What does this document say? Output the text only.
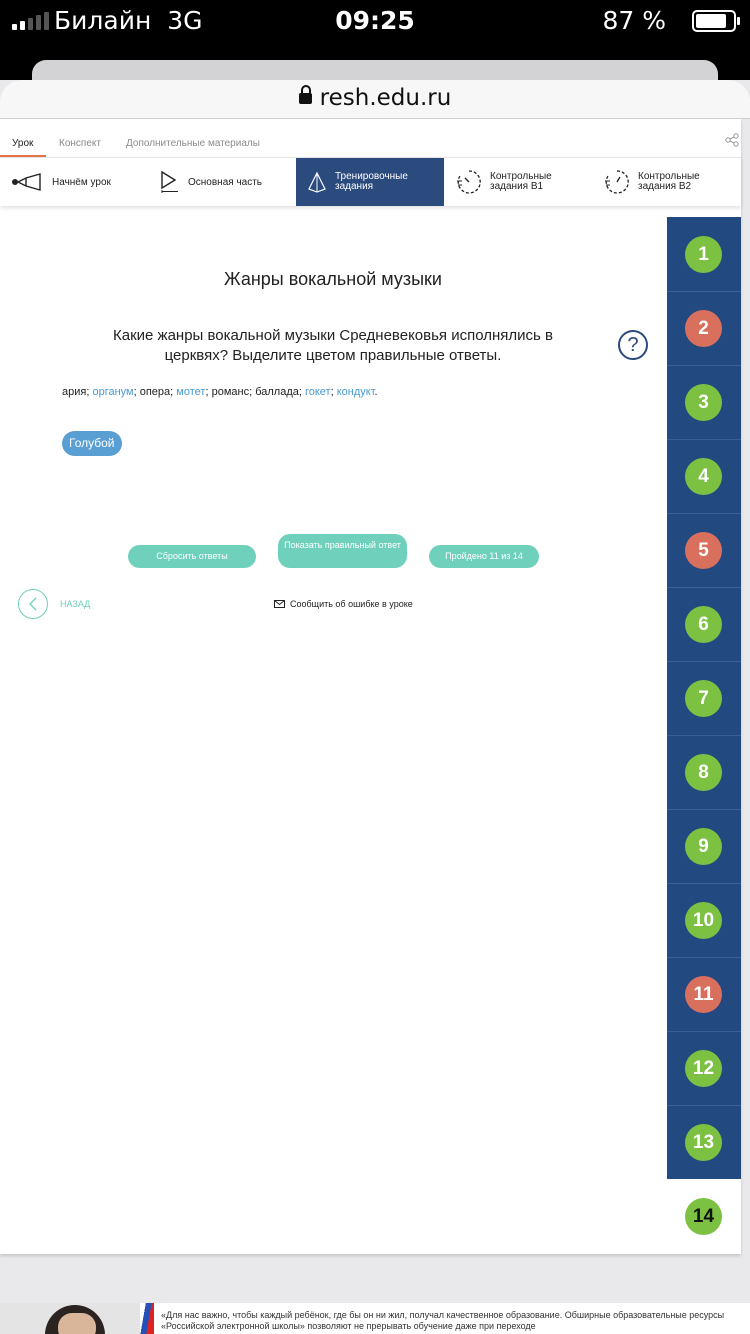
Билайн 3G	09:25	87 %
resh.edu.ru
Урок	Конспект	Дополнительные материалы
Начнём урок	Основная часть	Тренировочные задания
Контрольные задания В1
Контрольные задания В2
Жанры вокальной музыки
Какие жанры вокальной музыки Средневековья исполнялись в церквях? Выделите цветом правильные ответы.	?
ария; органум; опера; мотет; романс; баллада; гокет; кондукт.
Голубой
Сбросить ответы
Показать правильный ответ
Пройдено 11 из 14
НАЗАД	Сообщить об ошибке в уроке
1
2
3
4
5
6
7
8
9
10
11
12
13
14
«Для нас важно, чтобы каждый ребёнок, где бы он ни жил, получал качественное образование. Обширные образовательные ресурсы «Российской электронной школы» позволяют не прерывать обучение даже при переходе
